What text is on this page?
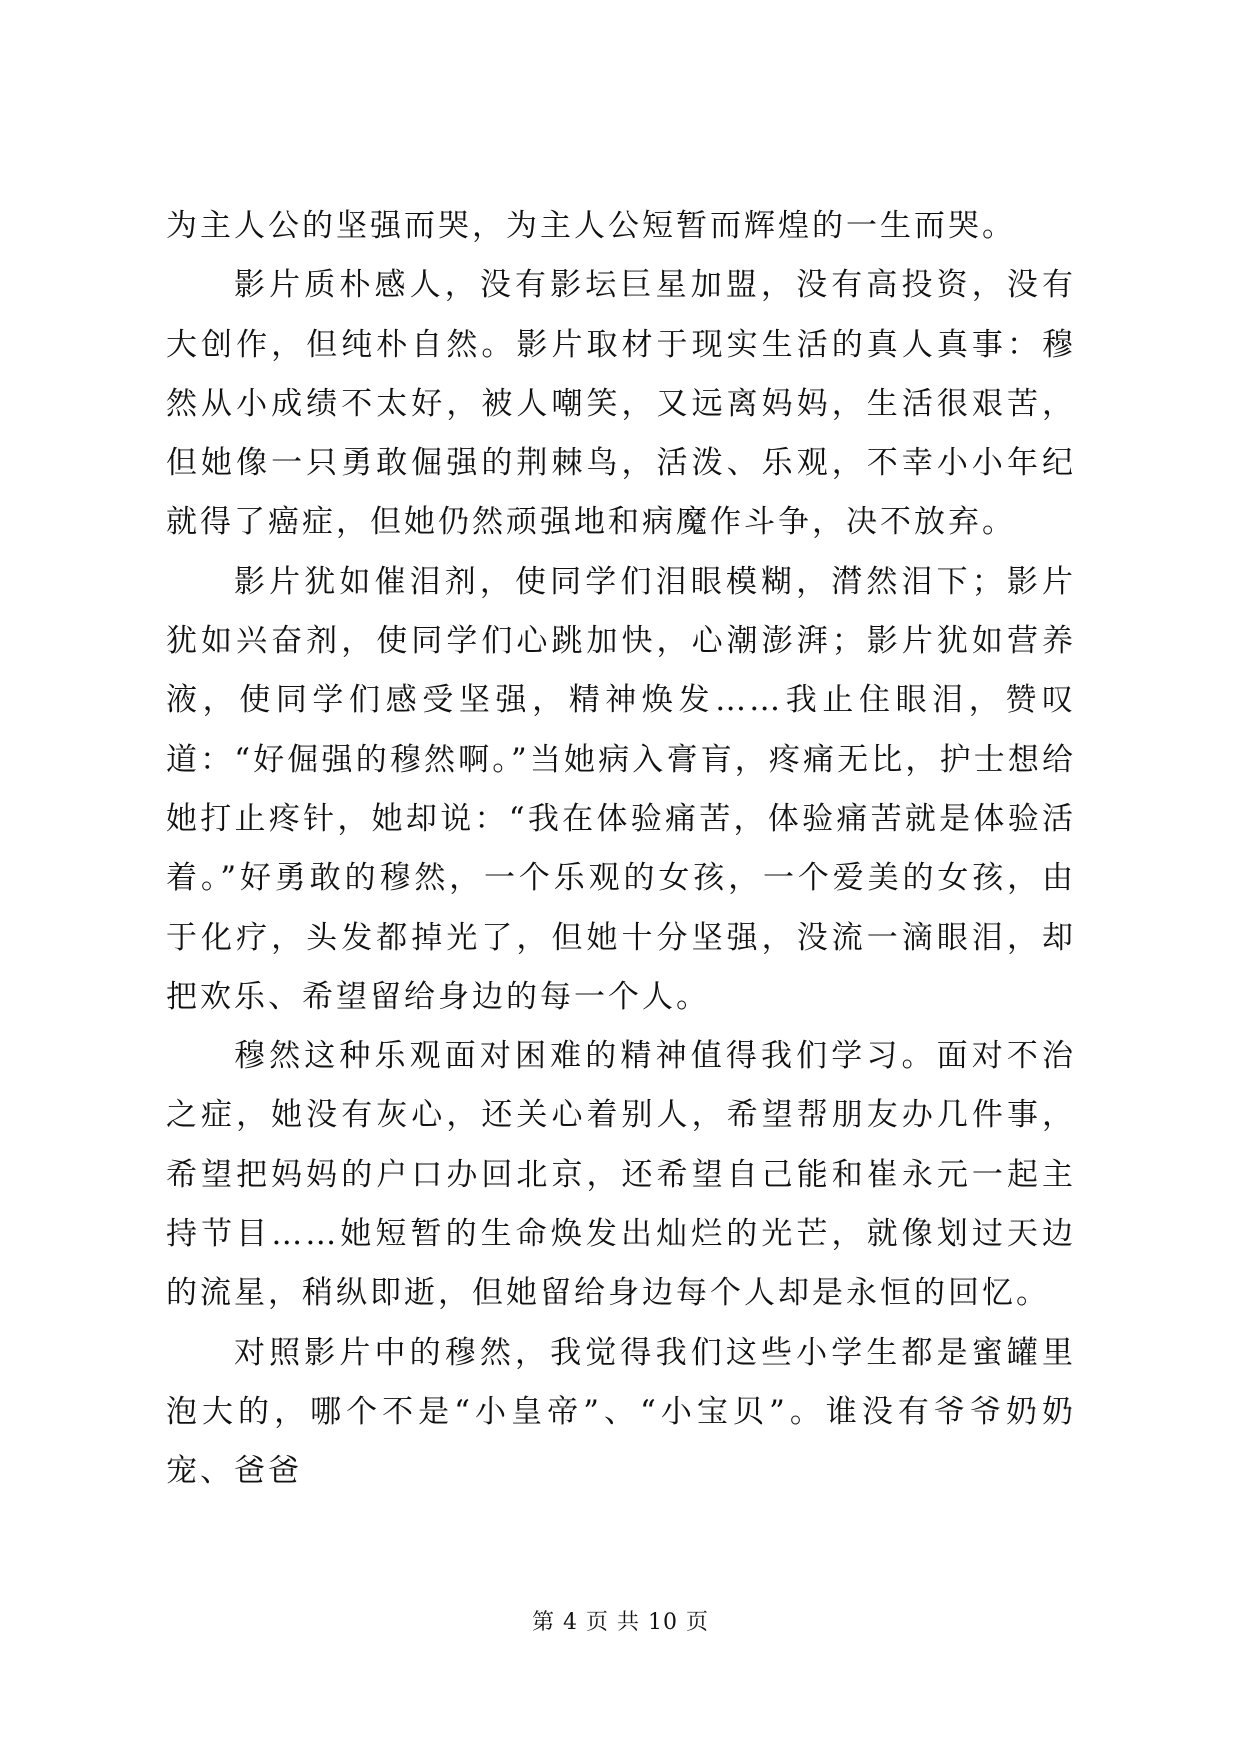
为主人公的坚强而哭，为主人公短暂而辉煌的一生而哭。

影片质朴感人，没有影坛巨星加盟，没有高投资，没有大创作，但纯朴自然。影片取材于现实生活的真人真事：穆然从小成绩不太好，被人嘲笑，又远离妈妈，生活很艰苦，但她像一只勇敢倔强的荆棘鸟，活泼、乐观，不幸小小年纪就得了癌症，但她仍然顽强地和病魔作斗争，决不放弃。

影片犹如催泪剂，使同学们泪眼模糊，潸然泪下；影片犹如兴奋剂，使同学们心跳加快，心潮澎湃；影片犹如营养液，使同学们感受坚强，精神焕发……我止住眼泪，赞叹道：“好倔强的穆然啊。”当她病入膏肓，疼痛无比，护士想给她打止疼针，她却说：“我在体验痛苦，体验痛苦就是体验活着。”好勇敢的穆然，一个乐观的女孩，一个爱美的女孩，由于化疗，头发都掉光了，但她十分坚强，没流一滴眼泪，却把欢乐、希望留给身边的每一个人。

穆然这种乐观面对困难的精神值得我们学习。面对不治之症，她没有灰心，还关心着别人，希望帮朋友办几件事，希望把妈妈的户口办回北京，还希望自己能和崔永元一起主持节目……她短暂的生命焕发出灿烂的光芒，就像划过天边的流星，稍纵即逝，但她留给身边每个人却是永恒的回忆。

对照影片中的穆然，我觉得我们这些小学生都是蜜罐里泡大的，哪个不是“小皇帝”、“小宝贝”。谁没有爷爷奶奶宠、爸爸

第 4 页 共 10 页
